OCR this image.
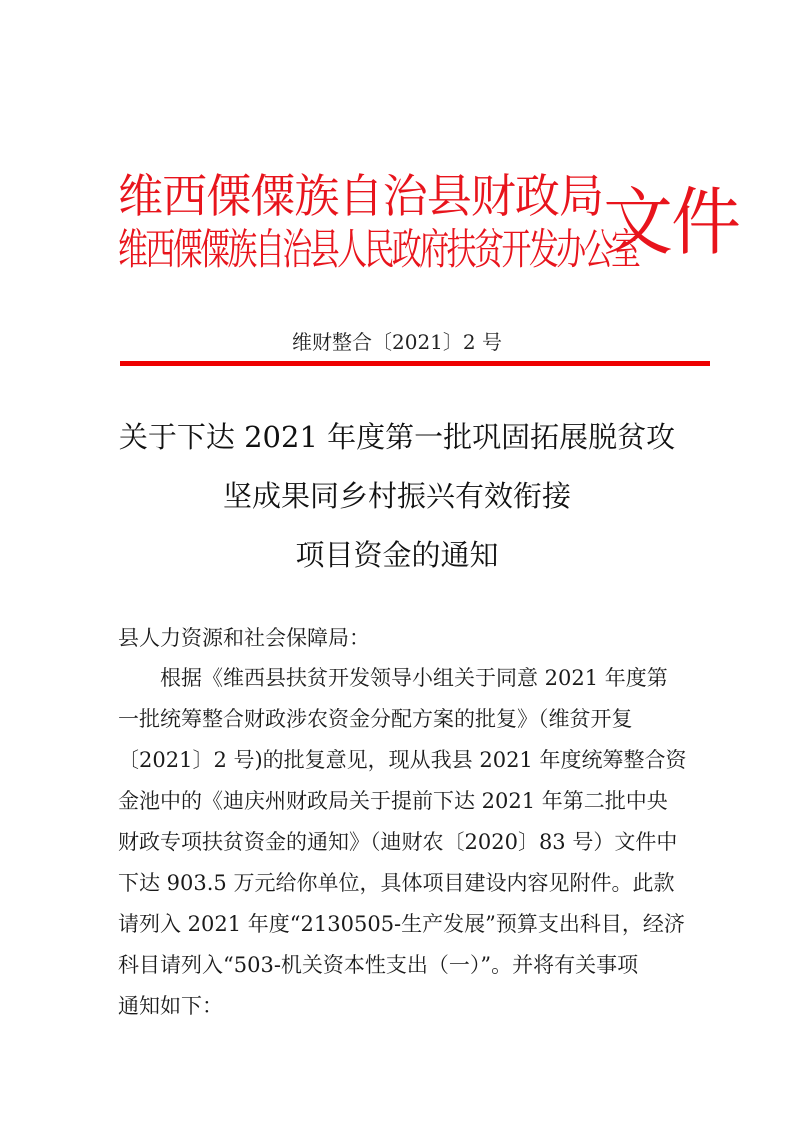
维西傈僳族自治县财政局
维西傈僳族自治县人民政府扶贫开发办公室
文件
维财整合〔2021〕2 号
关于下达 2021 年度第一批巩固拓展脱贫攻
坚成果同乡村振兴有效衔接
项目资金的通知
县人力资源和社会保障局：
根据《维西县扶贫开发领导小组关于同意 2021 年度第
一批统筹整合财政涉农资金分配方案的批复》（维贫开复
〔2021〕2 号)的批复意见，现从我县 2021 年度统筹整合资
金池中的《迪庆州财政局关于提前下达 2021 年第二批中央
财政专项扶贫资金的通知》（迪财农〔2020〕83 号）文件中
下达 903.5 万元给你单位，具体项目建设内容见附件。此款
请列入 2021 年度“2130505-生产发展”预算支出科目，经济
科目请列入“503-机关资本性支出（一）”。并将有关事项
通知如下：
